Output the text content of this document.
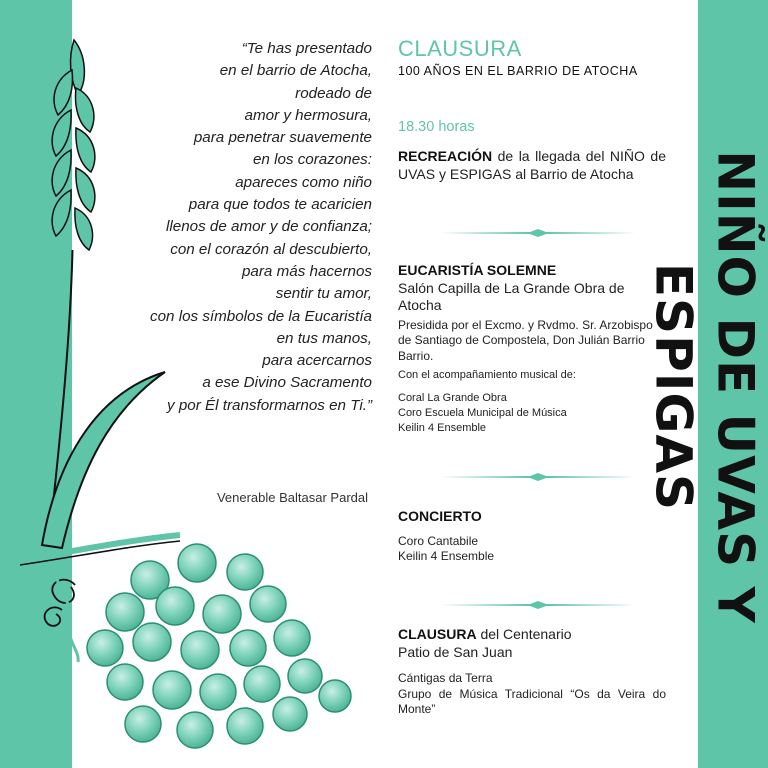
NIÑO DE UVAS Y ESPIGAS
“Te has presentado
en el barrio de Atocha,
rodeado de
amor y hermosura,
para penetrar suavemente
en los corazones:
apareces como niño
para que todos te acaricien
llenos de amor y de confianza;
con el corazón al descubierto,
para más hacernos
sentir tu amor,
con los símbolos de la Eucaristía
en tus manos,
para acercarnos
a ese Divino Sacramento
y por Él transformarnos en Ti.”
Venerable Baltasar Pardal
CLAUSURA
100 AÑOS EN EL BARRIO DE ATOCHA
18.30 horas
RECREACIÓN de la llegada del NIÑO de UVAS y ESPIGAS al Barrio de Atocha
EUCARISTÍA SOLEMNE
Salón Capilla de La Grande Obra de Atocha
Presidida por el Excmo. y Rvdmo. Sr. Arzobispo de Santiago de Compostela, Don Julián Barrio Barrio.
Con el acompañamiento musical de:
Coral La Grande Obra
Coro Escuela Municipal de Música
Keilin 4 Ensemble
CONCIERTO
Coro Cantabile
Keilin 4 Ensemble
CLAUSURA del Centenario
Patio de San Juan
Cántigas da Terra
Grupo de Música Tradicional “Os da Veira do Monte”
